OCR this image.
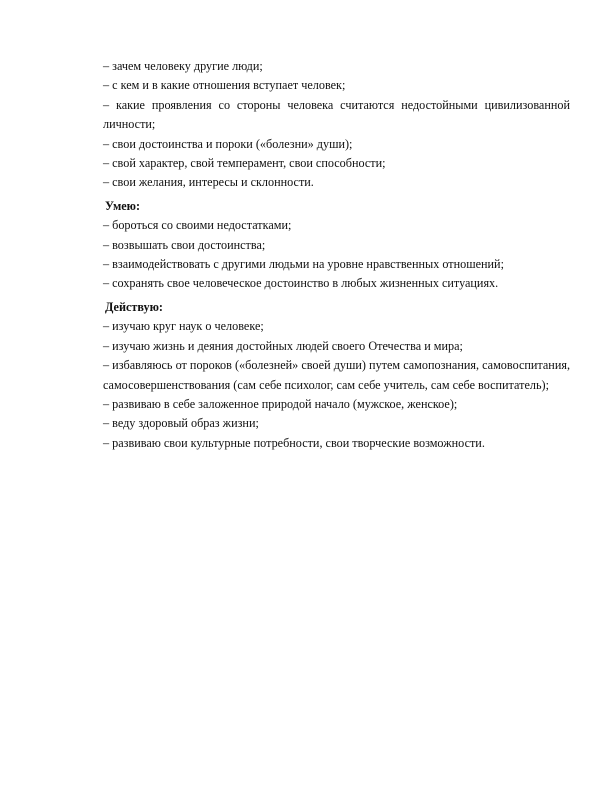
– зачем человеку другие люди;
– с кем и в какие отношения вступает человек;
– какие проявления со стороны человека считаются недостойными цивилизованной личности;
– свои достоинства и пороки («болезни» души);
– свой характер, свой темперамент, свои способности;
– свои желания, интересы и склонности.
Умею:
– бороться со своими недостатками;
– возвышать свои достоинства;
– взаимодействовать с другими людьми на уровне нравственных отношений;
– сохранять свое человеческое достоинство в любых жизненных ситуациях.
Действую:
– изучаю круг наук о человеке;
– изучаю жизнь и деяния достойных людей своего Отечества и мира;
– избавляюсь от пороков («болезней» своей души) путем самопознания, самовоспитания, самосовершенствования (сам себе психолог, сам себе учитель, сам себе воспитатель);
– развиваю в себе заложенное природой начало (мужское, женское);
– веду здоровый образ жизни;
– развиваю свои культурные потребности, свои творческие возможности.
